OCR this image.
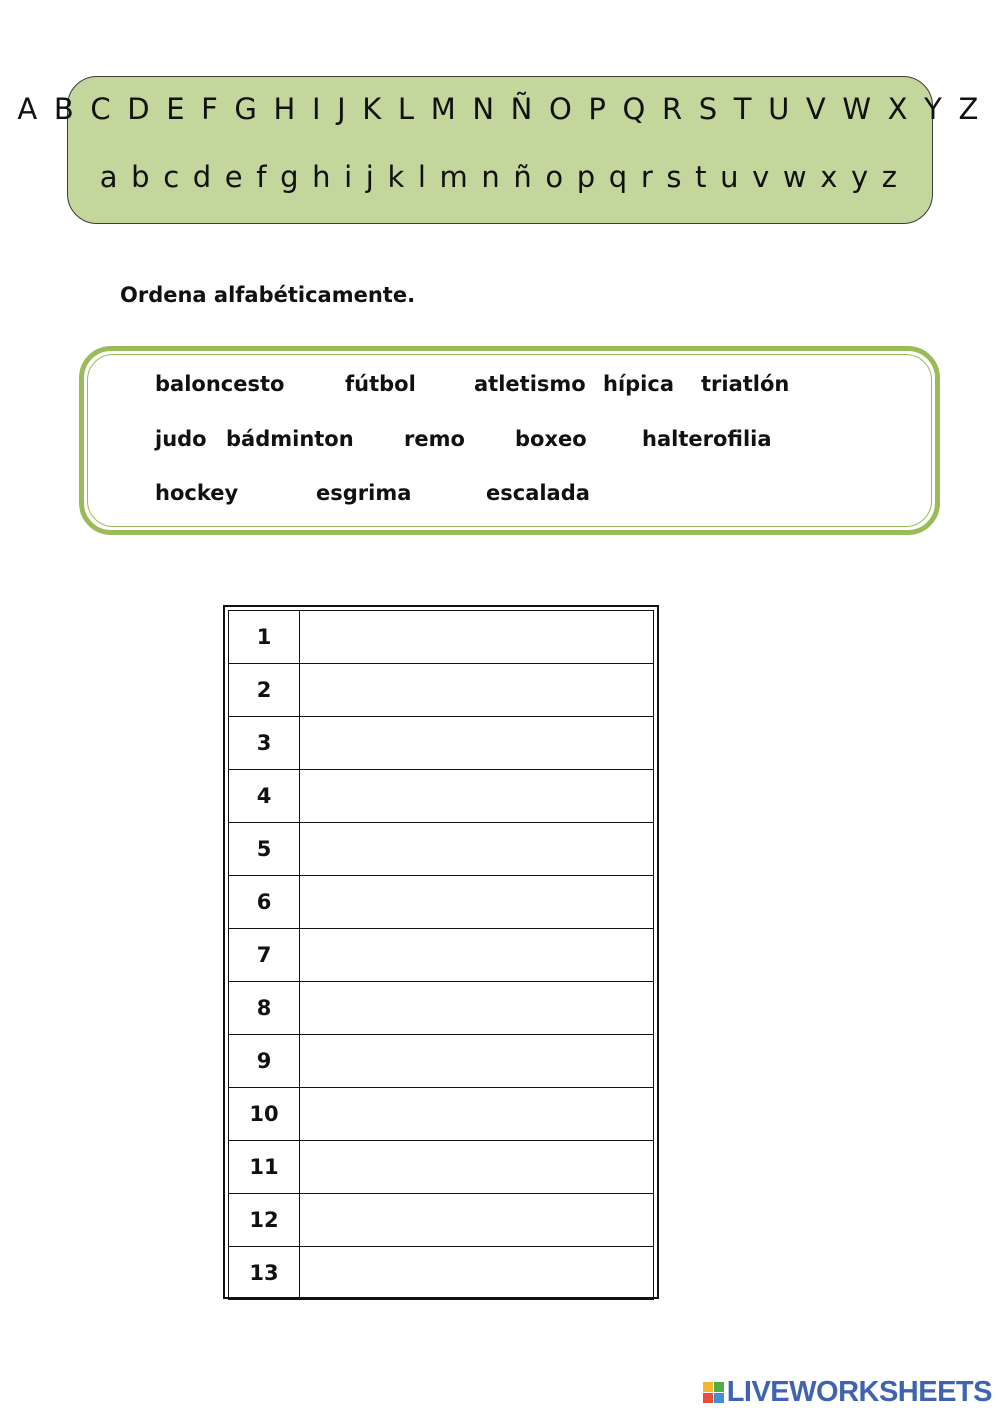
A B C D E F G H I J K L M N Ñ O P Q R S T U V W X Y Z
a b c d e f g h i j k l m n ñ o p q r s t u v w x y z
Ordena alfabéticamente.
baloncesto	fútbol	atletismo hípica triatlón
judo bádminton remo boxeo	halterofilia
hockey	esgrima	escalada
1	
2	
3	
4	
5	
6	
7	
8	
9	
10	
11	
12	
13	
LIVEWORKSHEETS
